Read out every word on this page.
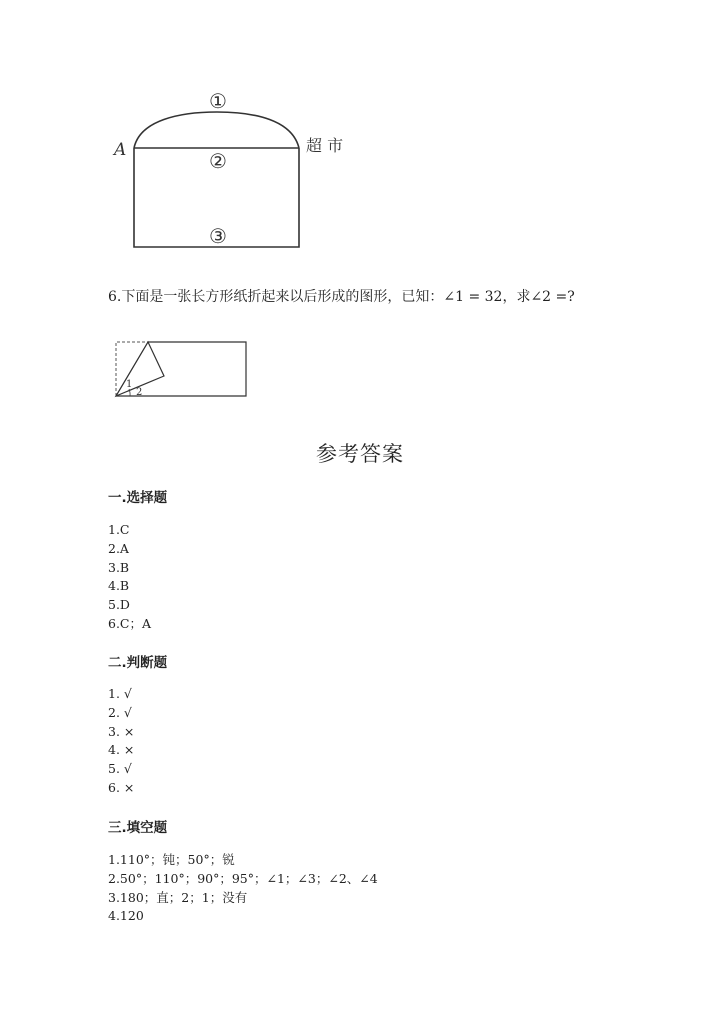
①
②
③
A	超 市
6.下面是一张长方形纸折起来以后形成的图形，已知：∠1 = 32，求∠2 =?
1
2
参考答案
一.选择题
1.C
2.A
3.B
4.B
5.D
6.C；A
二.判断题
1. √
2. √
3. ×
4. ×
5. √
6. ×
三.填空题
1.110°；钝；50°；锐
2.50°；110°；90°；95°；∠1；∠3；∠2、∠4
3.180；直；2；1；没有
4.120
